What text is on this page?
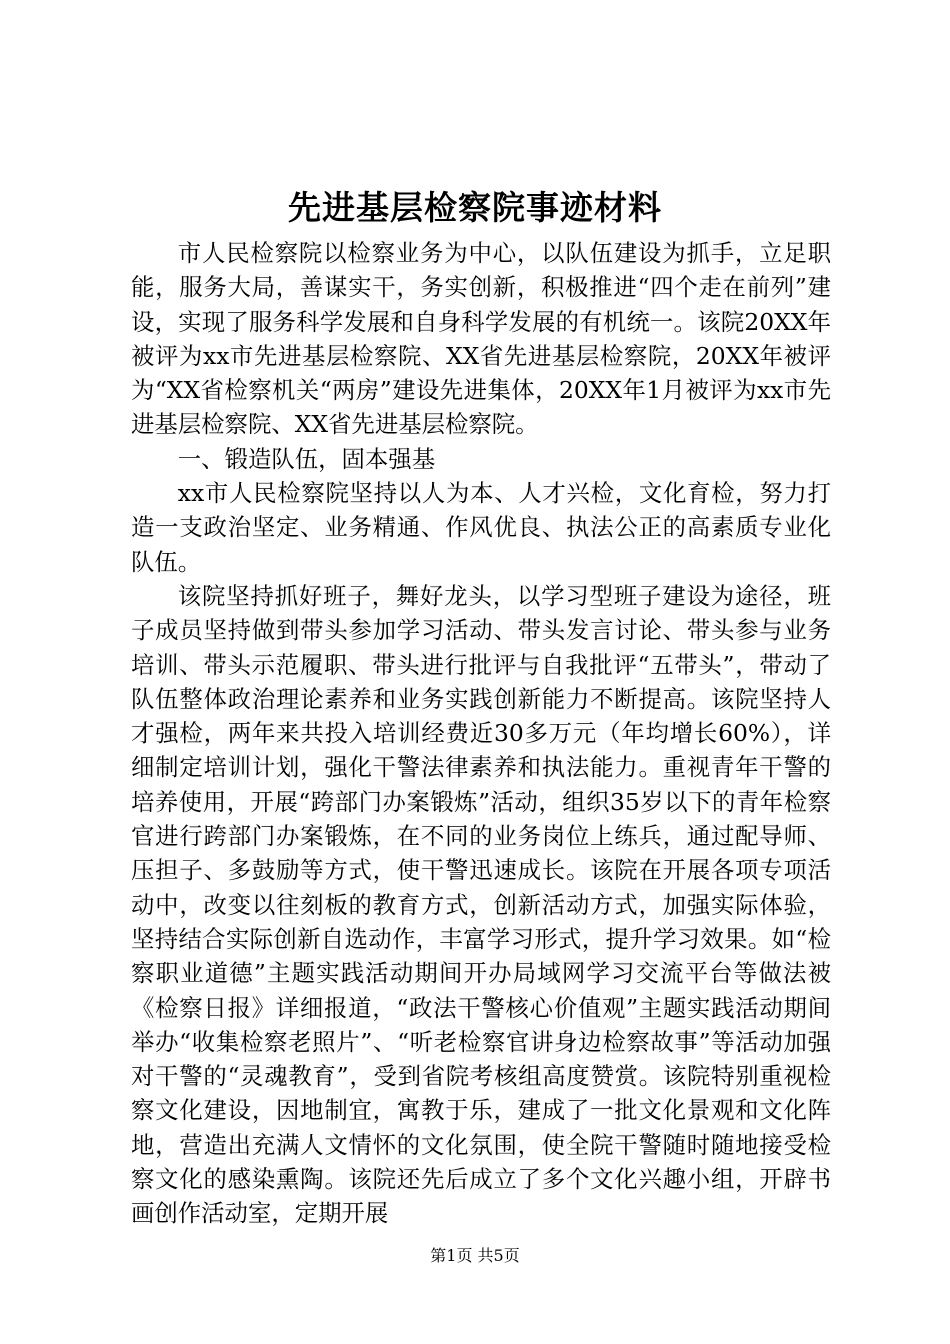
先进基层检察院事迹材料

市人民检察院以检察业务为中心，以队伍建设为抓手，立足职能，服务大局，善谋实干，务实创新，积极推进“四个走在前列”建设，实现了服务科学发展和自身科学发展的有机统一。该院20XX年被评为xx市先进基层检察院、XX省先进基层检察院，20XX年被评为“XX省检察机关“两房”建设先进集体，20XX年1月被评为xx市先进基层检察院、XX省先进基层检察院。

一、锻造队伍，固本强基

xx市人民检察院坚持以人为本、人才兴检，文化育检，努力打造一支政治坚定、业务精通、作风优良、执法公正的高素质专业化队伍。

该院坚持抓好班子，舞好龙头，以学习型班子建设为途径，班子成员坚持做到带头参加学习活动、带头发言讨论、带头参与业务培训、带头示范履职、带头进行批评与自我批评“五带头”，带动了队伍整体政治理论素养和业务实践创新能力不断提高。该院坚持人才强检，两年来共投入培训经费近30多万元（年均增长60%），详细制定培训计划，强化干警法律素养和执法能力。重视青年干警的培养使用，开展“跨部门办案锻炼”活动，组织35岁以下的青年检察官进行跨部门办案锻炼，在不同的业务岗位上练兵，通过配导师、压担子、多鼓励等方式，使干警迅速成长。该院在开展各项专项活动中，改变以往刻板的教育方式，创新活动方式，加强实际体验，坚持结合实际创新自选动作，丰富学习形式，提升学习效果。如“检察职业道德”主题实践活动期间开办局域网学习交流平台等做法被《检察日报》详细报道，“政法干警核心价值观”主题实践活动期间举办“收集检察老照片”、“听老检察官讲身边检察故事”等活动加强对干警的“灵魂教育”，受到省院考核组高度赞赏。该院特别重视检察文化建设，因地制宜，寓教于乐，建成了一批文化景观和文化阵地，营造出充满人文情怀的文化氛围，使全院干警随时随地接受检察文化的感染熏陶。该院还先后成立了多个文化兴趣小组，开辟书画创作活动室，定期开展

第1页 共5页
